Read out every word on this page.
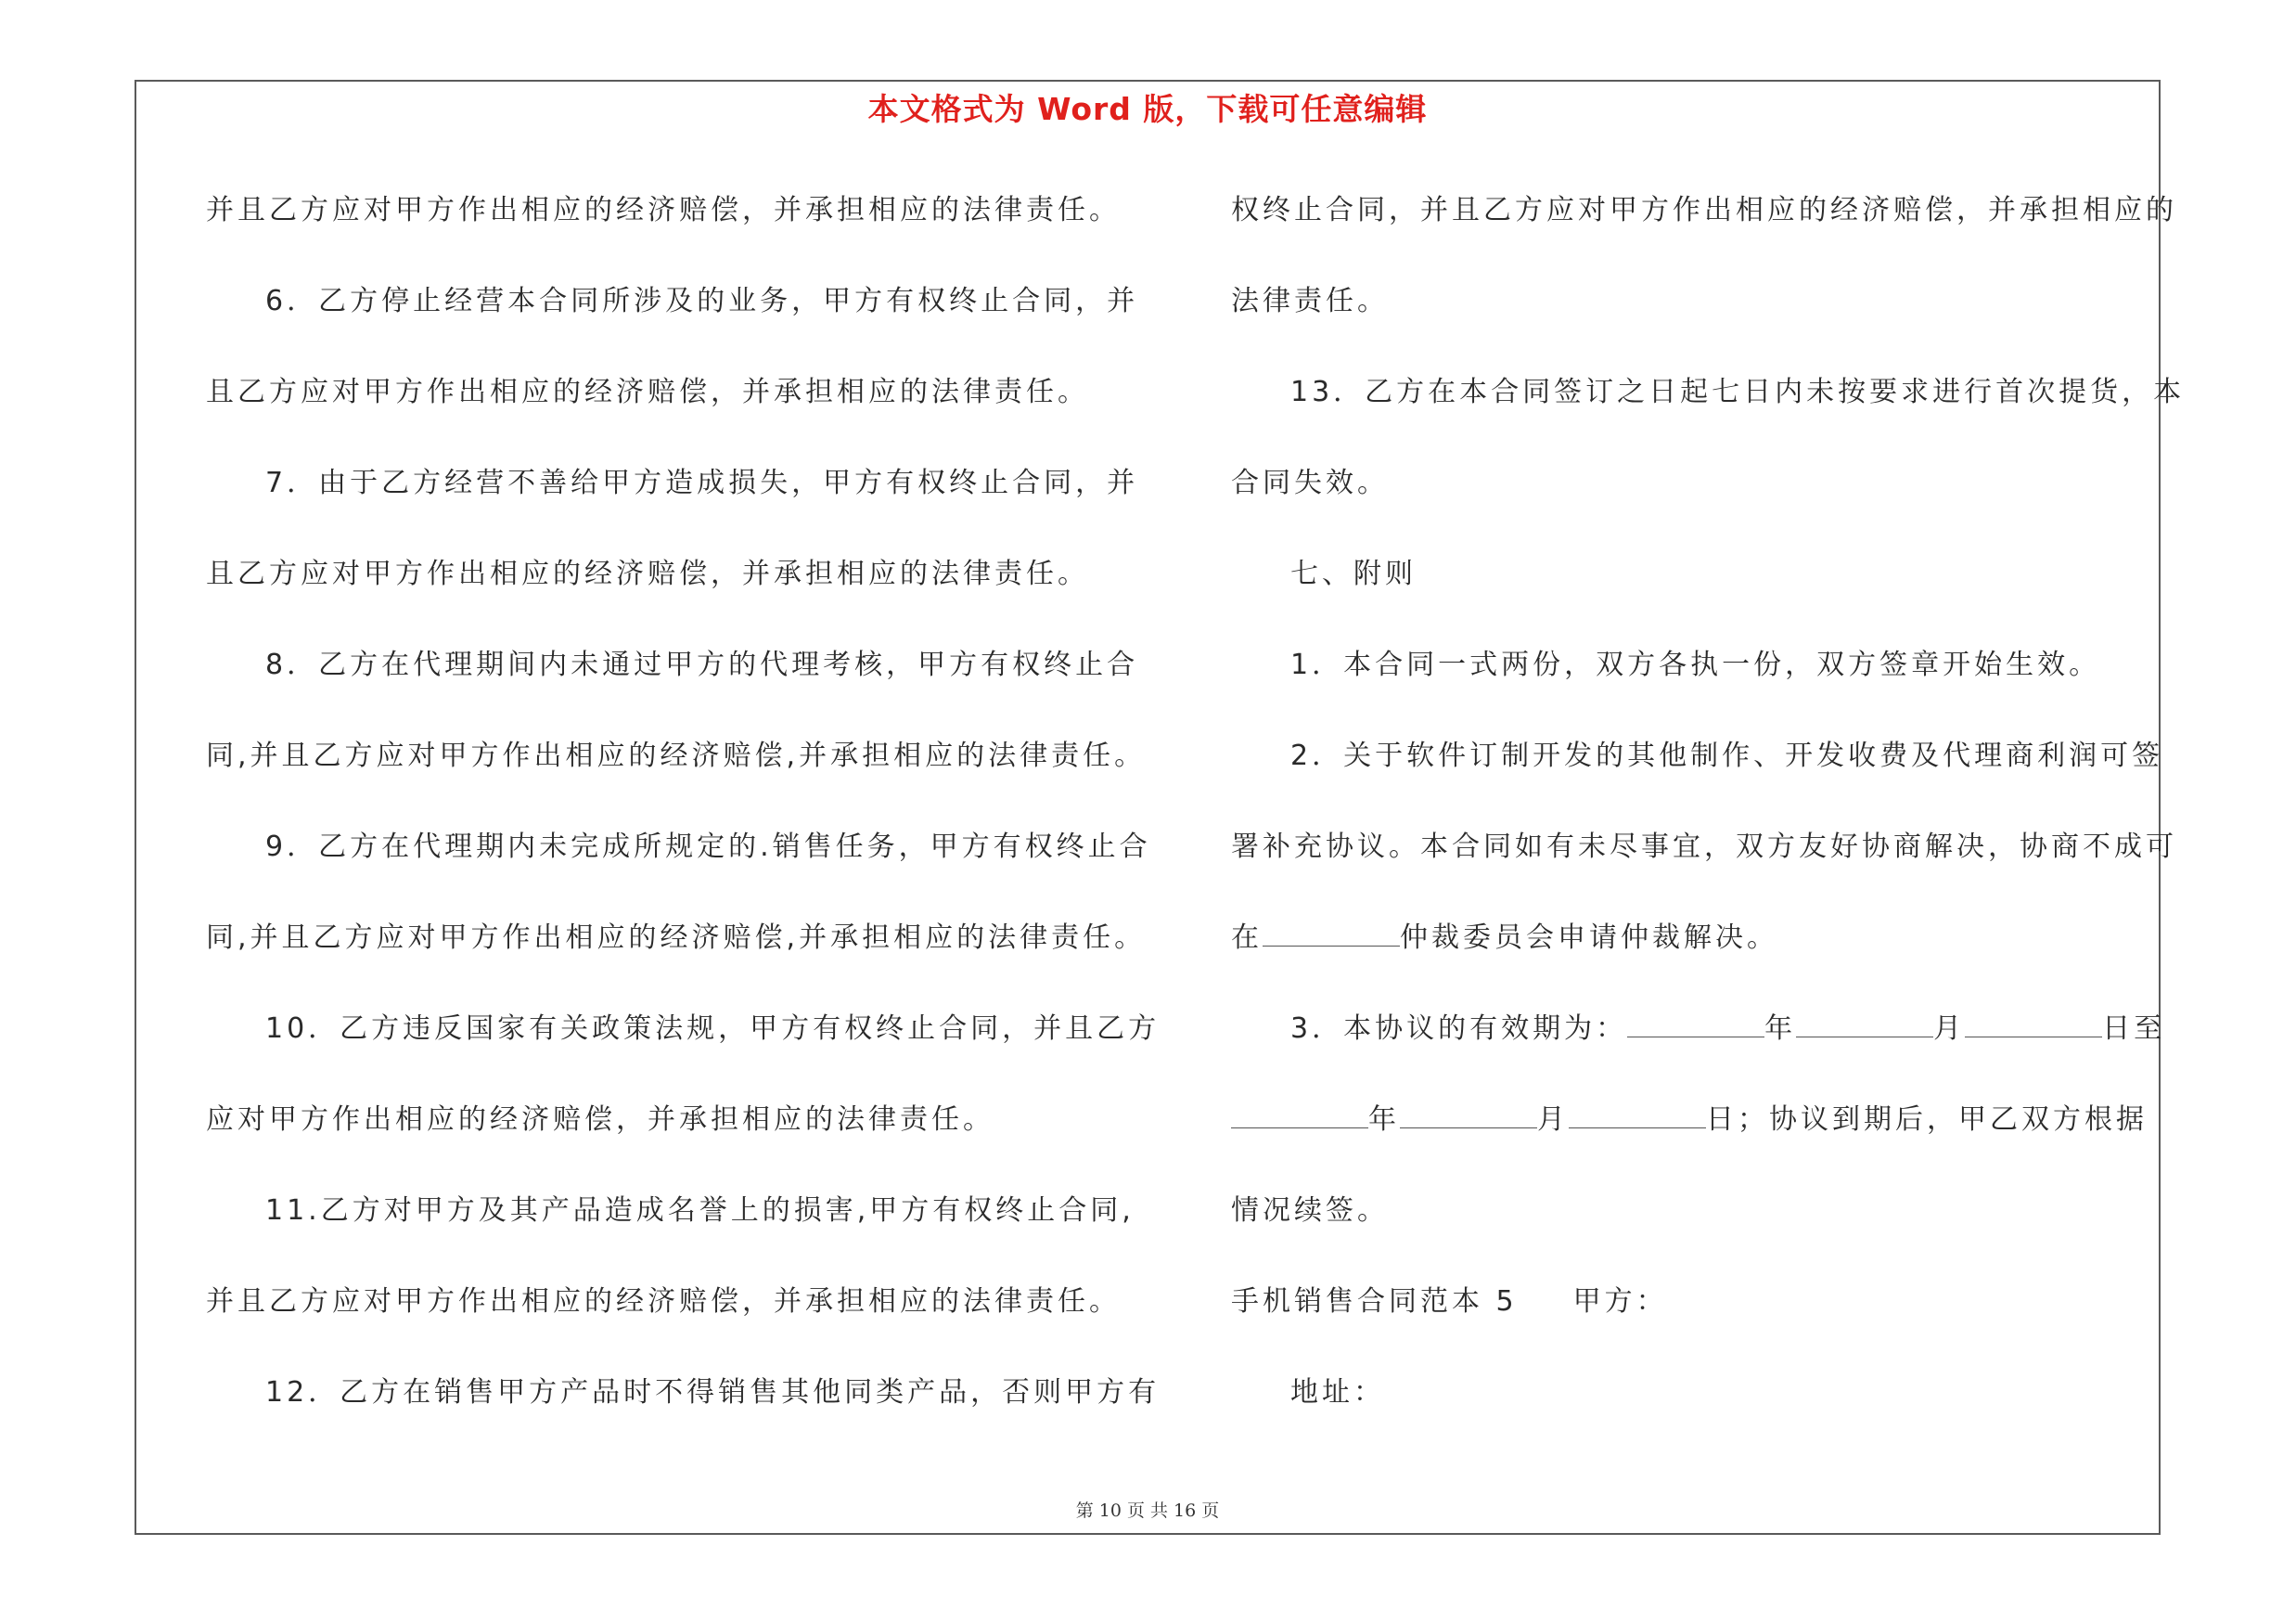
本文格式为 Word 版，下载可任意编辑
并且乙方应对甲方作出相应的经济赔偿，并承担相应的法律责任。
6．乙方停止经营本合同所涉及的业务，甲方有权终止合同，并
且乙方应对甲方作出相应的经济赔偿，并承担相应的法律责任。
7．由于乙方经营不善给甲方造成损失，甲方有权终止合同，并
且乙方应对甲方作出相应的经济赔偿，并承担相应的法律责任。
8．乙方在代理期间内未通过甲方的代理考核，甲方有权终止合
同,并且乙方应对甲方作出相应的经济赔偿,并承担相应的法律责任。
9．乙方在代理期内未完成所规定的.销售任务，甲方有权终止合
同,并且乙方应对甲方作出相应的经济赔偿,并承担相应的法律责任。
10．乙方违反国家有关政策法规，甲方有权终止合同，并且乙方
应对甲方作出相应的经济赔偿，并承担相应的法律责任。
11.乙方对甲方及其产品造成名誉上的损害,甲方有权终止合同,
并且乙方应对甲方作出相应的经济赔偿，并承担相应的法律责任。
12．乙方在销售甲方产品时不得销售其他同类产品，否则甲方有
权终止合同，并且乙方应对甲方作出相应的经济赔偿，并承担相应的
法律责任。
13．乙方在本合同签订之日起七日内未按要求进行首次提货，本
合同失效。
七、附则
1．本合同一式两份，双方各执一份，双方签章开始生效。
2．关于软件订制开发的其他制作、开发收费及代理商利润可签
署补充协议。本合同如有未尽事宜，双方友好协商解决，协商不成可
在	仲裁委员会申请仲裁解决。
3．本协议的有效期为：	年	月	日至
年	月	日；协议到期后，甲乙双方根据
情况续签。
手机销售合同范本 5 甲方：
地址：
第 10 页 共 16 页
